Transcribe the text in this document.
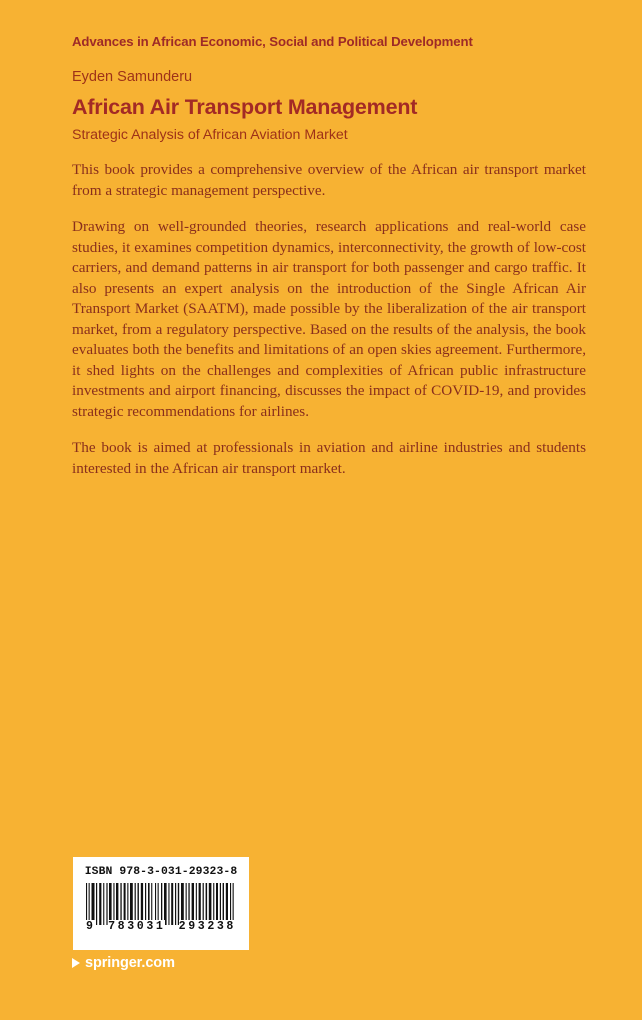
Advances in African Economic, Social and Political Development
Eyden Samunderu
African Air Transport Management
Strategic Analysis of African Aviation Market

This book provides a comprehensive overview of the African air transport market from a strategic management perspective.

Drawing on well-grounded theories, research applications and real-world case studies, it examines competition dynamics, interconnectivity, the growth of low-cost carriers, and demand patterns in air transport for both passenger and cargo traffic. It also presents an expert analysis on the introduction of the Single African Air Transport Market (SAATM), made possible by the liberalization of the air transport market, from a regulatory perspective. Based on the results of the analysis, the book evaluates both the benefits and limitations of an open skies agreement. Furthermore, it shed lights on the challenges and complexities of African public infrastructure investments and airport financing, discusses the impact of COVID-19, and provides strategic recommendations for airlines.

The book is aimed at professionals in aviation and airline industries and students interested in the African air transport market.

ISBN 978-3-031-29323-8
9 783031 293238
springer.com
